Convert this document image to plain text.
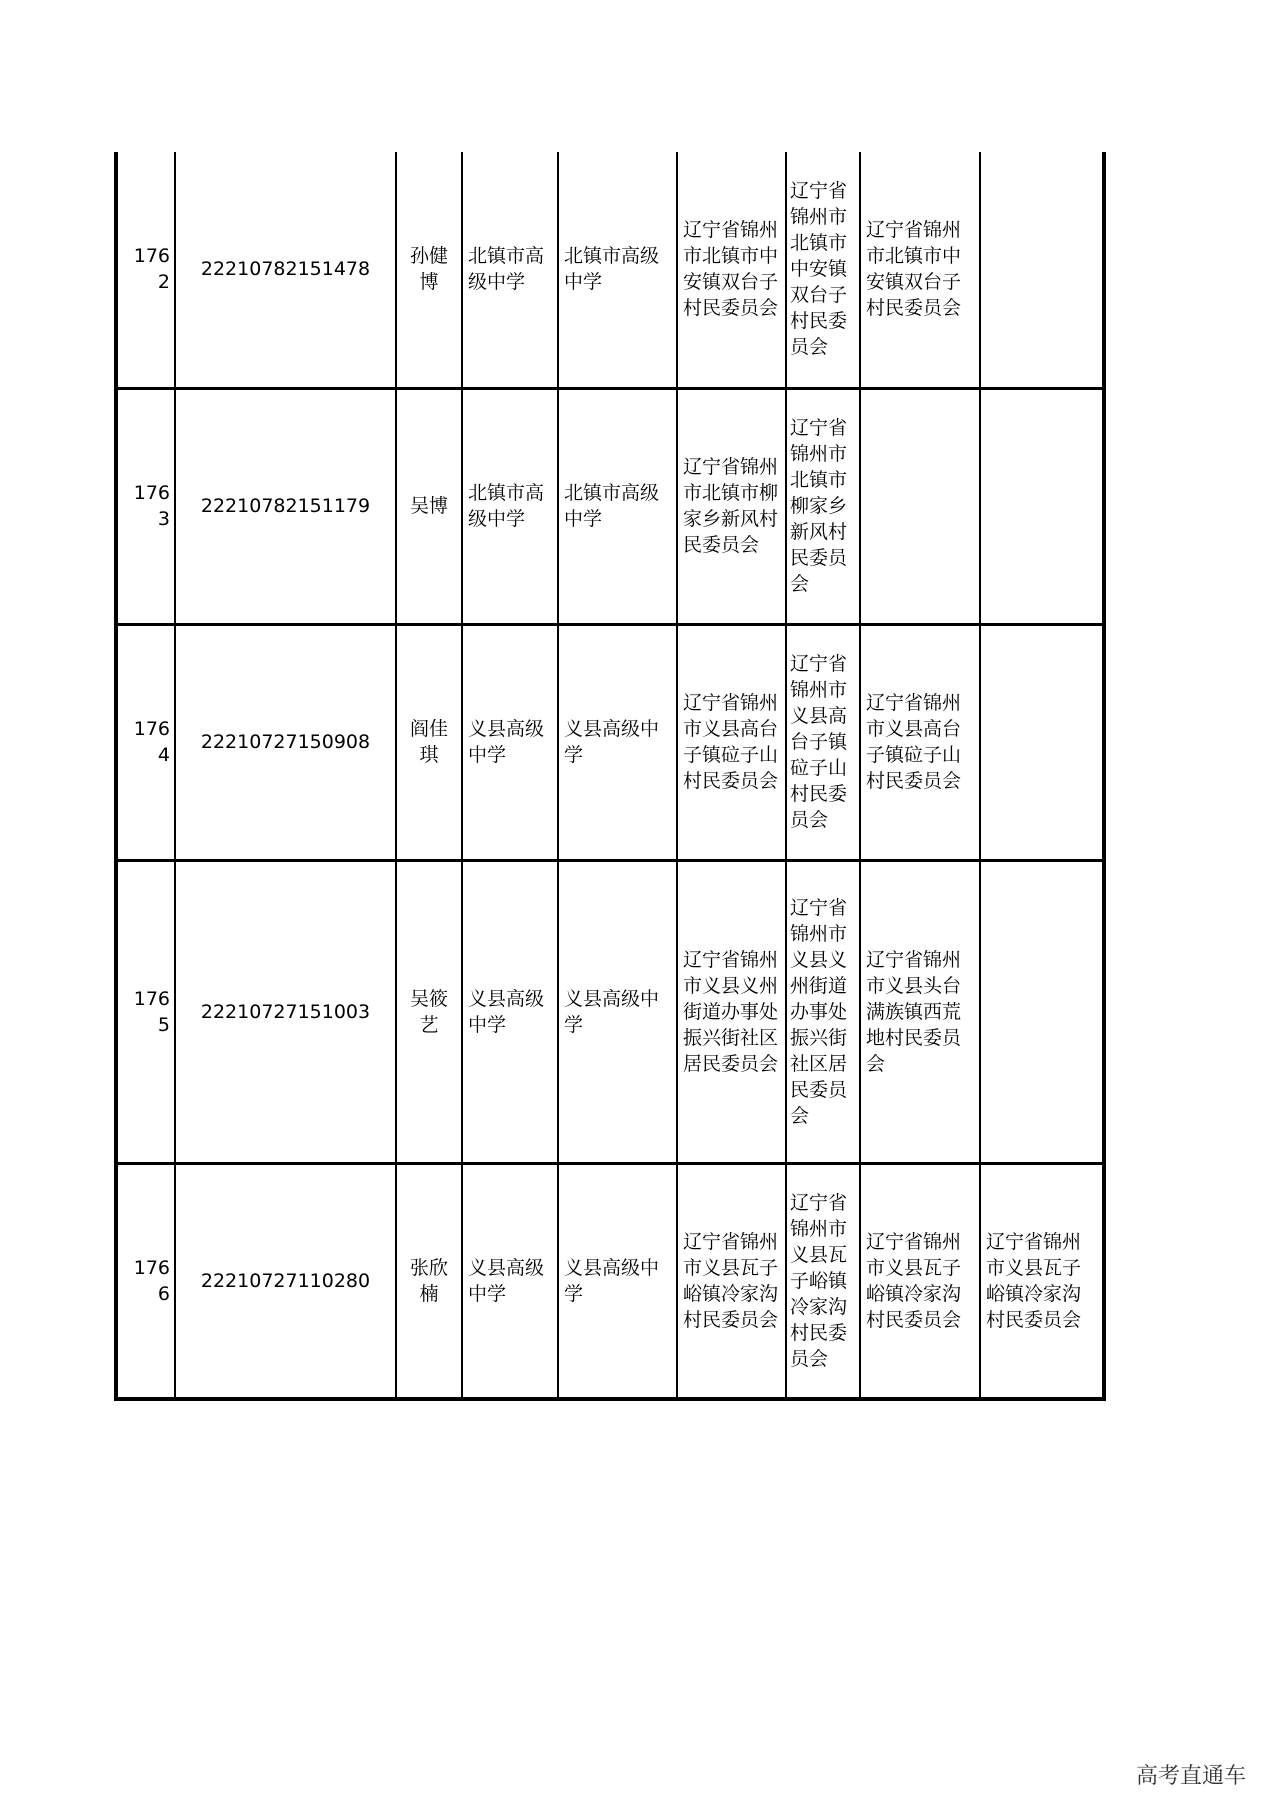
1762	22210782151478	孙健博	北镇市高级中学	北镇市高级中学	辽宁省锦州市北镇市中安镇双台子村民委员会	辽宁省锦州市北镇市中安镇双台子村民委员会	辽宁省锦州市北镇市中安镇双台子村民委员会	
1763	22210782151179	吴博	北镇市高级中学	北镇市高级中学	辽宁省锦州市北镇市柳家乡新风村民委员会	辽宁省锦州市北镇市柳家乡新风村民委员会		
1764	22210727150908	阎佳琪	义县高级中学	义县高级中学	辽宁省锦州市义县高台子镇砬子山村民委员会	辽宁省锦州市义县高台子镇砬子山村民委员会	辽宁省锦州市义县高台子镇砬子山村民委员会	
1765	22210727151003	吴筱艺	义县高级中学	义县高级中学	辽宁省锦州市义县义州街道办事处振兴街社区居民委员会	辽宁省锦州市义县义州街道办事处振兴街社区居民委员会	辽宁省锦州市义县头台满族镇西荒地村民委员会	
1766	22210727110280	张欣楠	义县高级中学	义县高级中学	辽宁省锦州市义县瓦子峪镇冷家沟村民委员会	辽宁省锦州市义县瓦子峪镇冷家沟村民委员会	辽宁省锦州市义县瓦子峪镇冷家沟村民委员会	辽宁省锦州市义县瓦子峪镇冷家沟村民委员会
高考直通车
